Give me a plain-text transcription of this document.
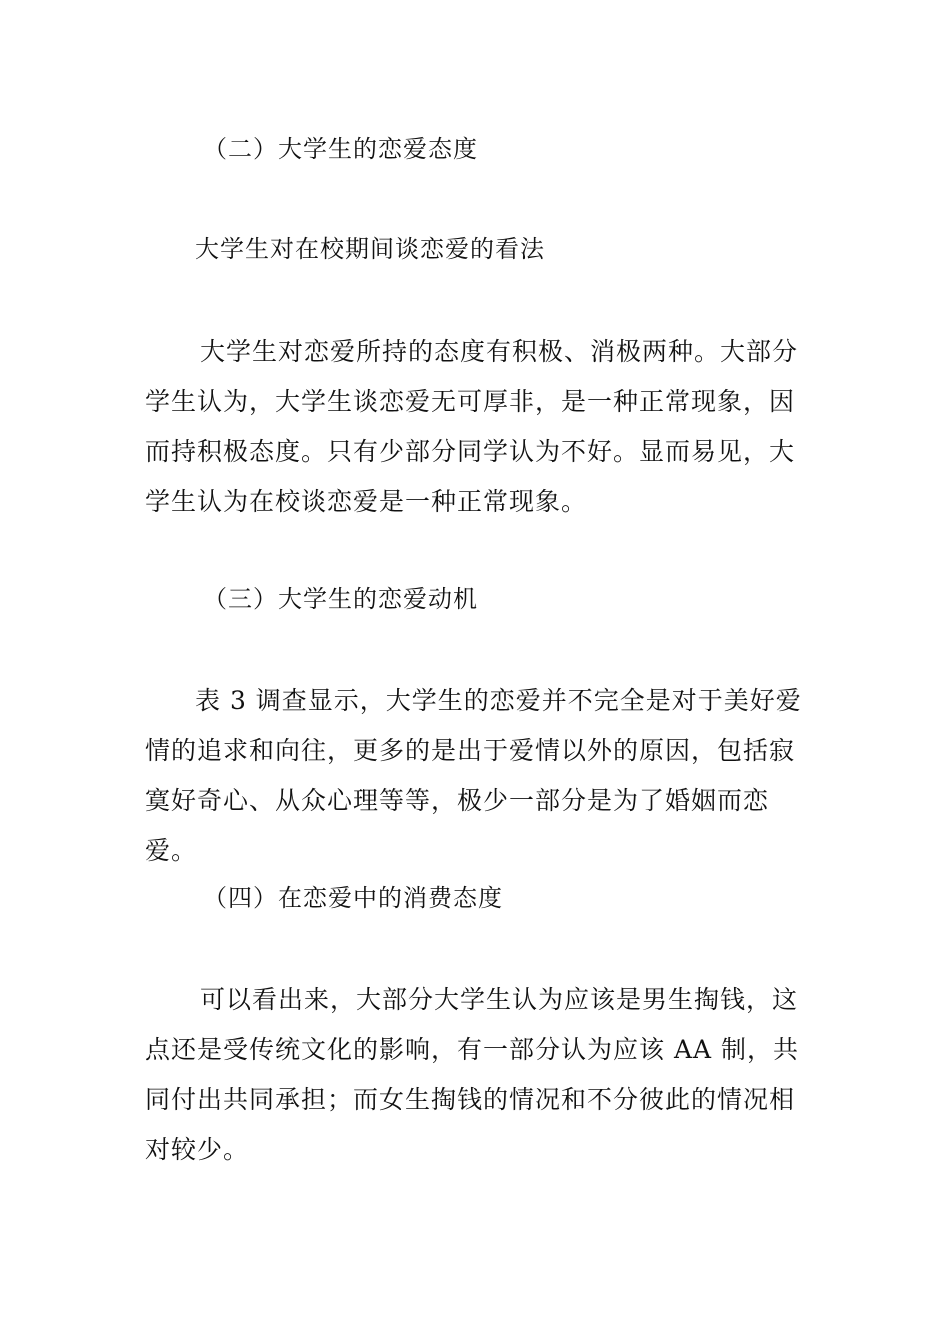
（二）大学生的恋爱态度

大学生对在校期间谈恋爱的看法

大学生对恋爱所持的态度有积极、消极两种。大部分学生认为，大学生谈恋爱无可厚非，是一种正常现象，因而持积极态度。只有少部分同学认为不好。显而易见，大学生认为在校谈恋爱是一种正常现象。

（三）大学生的恋爱动机

表 3 调查显示，大学生的恋爱并不完全是对于美好爱情的追求和向往，更多的是出于爱情以外的原因，包括寂寞好奇心、从众心理等等，极少一部分是为了婚姻而恋爱。

（四）在恋爱中的消费态度

可以看出来，大部分大学生认为应该是男生掏钱，这点还是受传统文化的影响，有一部分认为应该 AA 制，共同付出共同承担；而女生掏钱的情况和不分彼此的情况相对较少。
